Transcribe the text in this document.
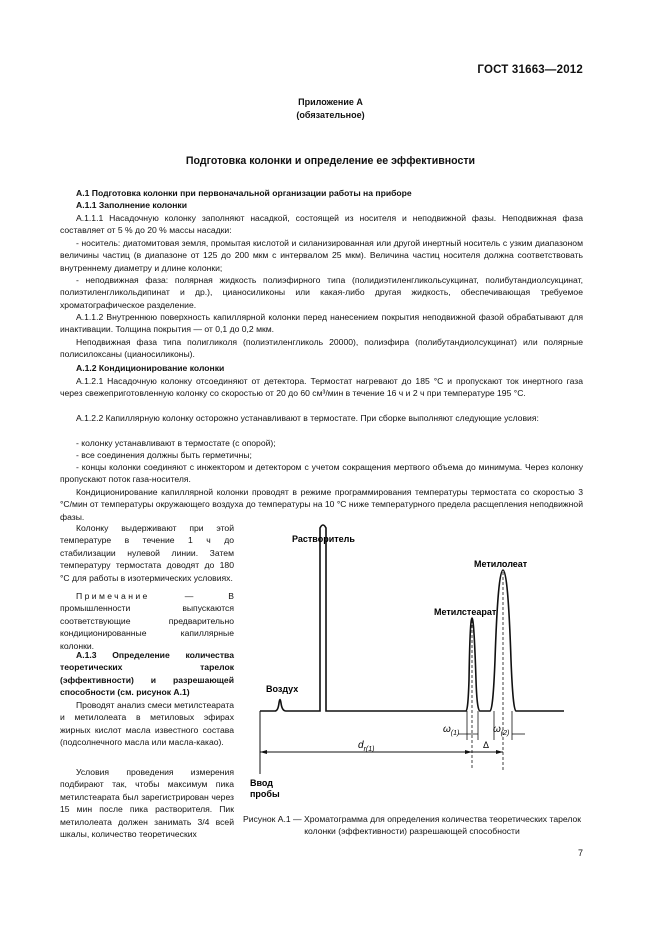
ГОСТ 31663—2012
Приложение А
(обязательное)
Подготовка колонки и определение ее эффективности
А.1 Подготовка колонки при первоначальной организации работы на приборе
А.1.1 Заполнение колонки
А.1.1.1 Насадочную колонку заполняют насадкой, состоящей из носителя и неподвижной фазы. Неподвижная фаза составляет от 5 % до 20 % массы насадки:
- носитель: диатомитовая земля, промытая кислотой и силанизированная или другой инертный носитель с узким диапазоном величины частиц (в диапазоне от 125 до 200 мкм с интервалом 25 мкм). Величина частиц носителя должна соответствовать внутреннему диаметру и длине колонки;
- неподвижная фаза: полярная жидкость полиэфирного типа (полидиэтиленгликольсукцинат, полибутандиолсукцинат, полиэтиленгликольдипинат и др.), цианосиликоны или какая-либо другая жидкость, обеспечивающая требуемое хроматографическое разделение.
А.1.1.2 Внутреннюю поверхность капиллярной колонки перед нанесением покрытия неподвижной фазой обрабатывают для инактивации. Толщина покрытия — от 0,1 до 0,2 мкм.
Неподвижная фаза типа полигликоля (полиэтиленгликоль 20000), полиэфира (полибутандиолсукцинат) или полярные полисилоксаны (цианосиликоны).
А.1.2 Кондиционирование колонки
А.1.2.1 Насадочную колонку отсоединяют от детектора. Термостат нагревают до 185 °С и пропускают ток инертного газа через свежеприготовленную колонку со скоростью от 20 до 60 см³/мин в течение 16 ч и 2 ч при температуре 195 °С.
А.1.2.2 Капиллярную колонку осторожно устанавливают в термостате. При сборке выполняют следующие условия:
- колонку устанавливают в термостате (с опорой);
- все соединения должны быть герметичны;
- концы колонки соединяют с инжектором и детектором с учетом сокращения мертвого объема до минимума. Через колонку пропускают поток газа-носителя.
Кондиционирование капиллярной колонки проводят в режиме программирования температуры термостата со скоростью 3 °С/мин от температуры окружающего воздуха до температуры на 10 °С ниже температурного предела расщепления неподвижной фазы.
Колонку выдерживают при этой температуре в течение 1 ч до стабилизации нулевой линии. Затем температуру термостата доводят до 180 °С для работы в изотермических условиях.
Примечание — В промышленности выпускаются соответствующие предварительно кондиционированные капиллярные колонки.
А.1.3 Определение количества теоретических тарелок (эффективности) и разрешающей способности (см. рисунок А.1)
Проводят анализ смеси метилстеарата и метилолеата в метиловых эфирах жирных кислот масла известного состава (подсолнечного масла или масла-какао).
Условия проведения измерения подбирают так, чтобы максимум пика метилстеарата был зарегистрирован через 15 мин после пика растворителя. Пик метилолеата должен занимать 3/4 всей шкалы, количество теоретических
Растворитель
Воздух
Метилстеарат
Метилолеат
Ввод
пробы
$d_{r(1)}$
$\omega_{(1)}$	$\omega_{(2)}$
Δ
Рисунок А.1 — Хроматограмма для определения количества теоретических тарелок колонки (эффективности) разрешающей способности
7
